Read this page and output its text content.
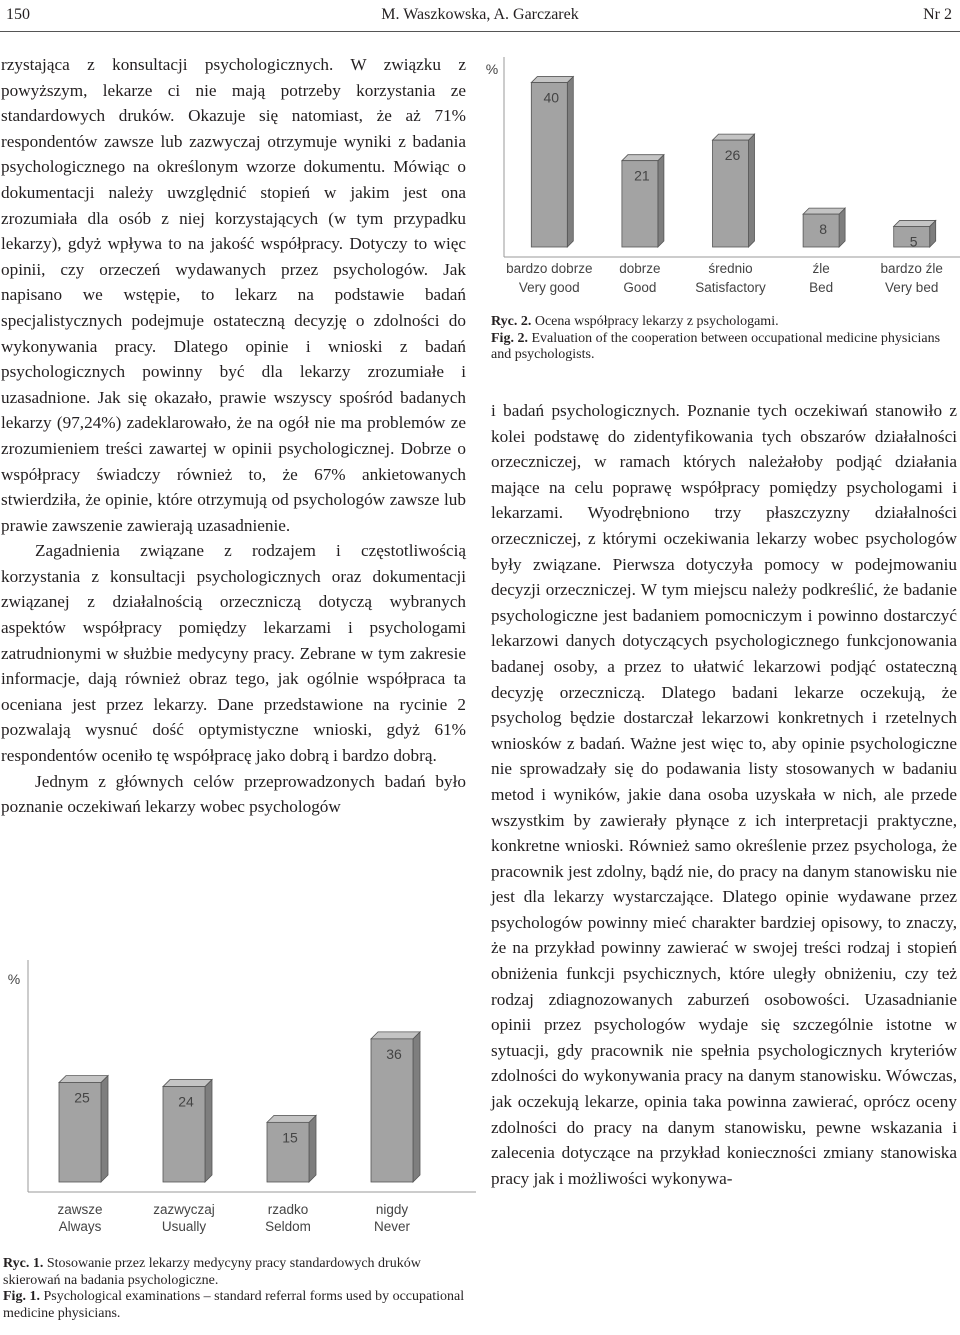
150	M. Waszkowska, A. Garczarek	Nr 2

rzystająca z konsultacji psychologicznych. W związku z powyższym, lekarze ci nie mają potrzeby korzystania ze standardowych druków. Okazuje się natomiast, że aż 71% respondentów zawsze lub zazwyczaj otrzymuje wyniki z badania psychologicznego na określonym wzorze dokumentu. Mówiąc o dokumentacji należy uwzględnić stopień w jakim jest ona zrozumiała dla osób z niej korzystających (w tym przypadku lekarzy), gdyż wpływa to na jakość współpracy. Dotyczy to więc opinii, czy orzeczeń wydawanych przez psychologów. Jak napisano we wstępie, to lekarz na podstawie badań specjalistycznych podejmuje ostateczną decyzję o zdolności do wykonywania pracy. Dlatego opinie i wnioski z badań psychologicznych powinny być dla lekarzy zrozumiałe i uzasadnione. Jak się okazało, prawie wszyscy spośród badanych lekarzy (97,24%) zadeklarowało, że na ogół nie ma problemów ze zrozumieniem treści zawartej w opinii psychologicznej. Dobrze o współpracy świadczy również to, że 67% ankietowanych stwierdziła, że opinie, które otrzymują od psychologów zawsze lub prawie zawszenie zawierają uzasadnienie.

Zagadnienia związane z rodzajem i częstotliwością korzystania z konsultacji psychologicznych oraz dokumentacji związanej z działalnością orzeczniczą dotyczą wybranych aspektów współpracy pomiędzy lekarzami i psychologami zatrudnionymi w służbie medycyny pracy. Zebrane w tym zakresie informacje, dają również obraz tego, jak ogólnie współpraca ta oceniana jest przez lekarzy. Dane przedstawione na rycinie 2 pozwalają wysnuć dość optymistyczne wnioski, gdyż 61% respondentów oceniło tę współpracę jako dobrą i bardzo dobrą.

Jednym z głównych celów przeprowadzonych badań było poznanie oczekiwań lekarzy wobec psychologów

i badań psychologicznych. Poznanie tych oczekiwań stanowiło z kolei podstawę do zidentyfikowania tych obszarów działalności orzeczniczej, w ramach których należałoby podjąć działania mające na celu poprawę współpracy pomiędzy psychologami i lekarzami. Wyodrębniono trzy płaszczyzny działalności orzeczniczej, z którymi oczekiwania lekarzy wobec psychologów były związane. Pierwsza dotyczyła pomocy w podejmowaniu decyzji orzeczniczej. W tym miejscu należy podkreślić, że badanie psychologiczne jest badaniem pomocniczym i powinno dostarczyć lekarzowi danych dotyczących psychologicznego funkcjonowania badanej osoby, a przez to ułatwić lekarzowi podjąć ostateczną decyzję orzeczniczą. Dlatego badani lekarze oczekują, że psycholog będzie dostarczał lekarzowi konkretnych i rzetelnych wniosków z badań. Ważne jest więc to, aby opinie psychologiczne nie sprowadzały się do podawania listy stosowanych w badaniu metod i wyników, jakie dana osoba uzyskała w nich, ale przede wszystkim by zawierały płynące z ich interpretacji praktyczne, konkretne wnioski. Również samo określenie przez psychologa, że pracownik jest zdolny, bądź nie, do pracy na danym stanowisku nie jest dla lekarzy wystarczające. Dlatego opinie wydawane przez psychologów powinny mieć charakter bardziej opisowy, to znaczy, że na przykład powinny zawierać w swojej treści rodzaj i stopień obniżenia funkcji psychicznych, które uległy obniżeniu, czy też rodzaj zdiagnozowanych zaburzeń osobowości. Uzasadnianie opinii przez psychologów wydaje się szczególnie istotne w sytuacji, gdy pracownik nie spełnia psychologicznych kryteriów zdolności do wykonywania pracy na danym stanowisku. Wówczas, jak oczekują lekarze, opinia taka powinna zawierać, oprócz oceny zdolności do pracy na danym stanowisku, pewne wskazania i zalecenia dotyczące na przykład konieczności zmiany stanowiska pracy jak i możliwości wykonywa-

%
40
bardzo dobrze
Very good
21
dobrze
Good
26
średnio
Satisfactory
8
źle
Bed
5
bardzo źle
Very bed
Ryc. 2. Ocena współpracy lekarzy z psychologami.
Fig. 2. Evaluation of the cooperation between occupational medicine physicians and psychologists.
%
25
zawsze
Always
24
zazwyczaj
Usually
15
rzadko
Seldom
36
nigdy
Never
Ryc. 1. Stosowanie przez lekarzy medycyny pracy standardowych druków skierowań na badania psychologiczne.
Fig. 1. Psychological examinations – standard referral forms used by occupational medicine physicians.
